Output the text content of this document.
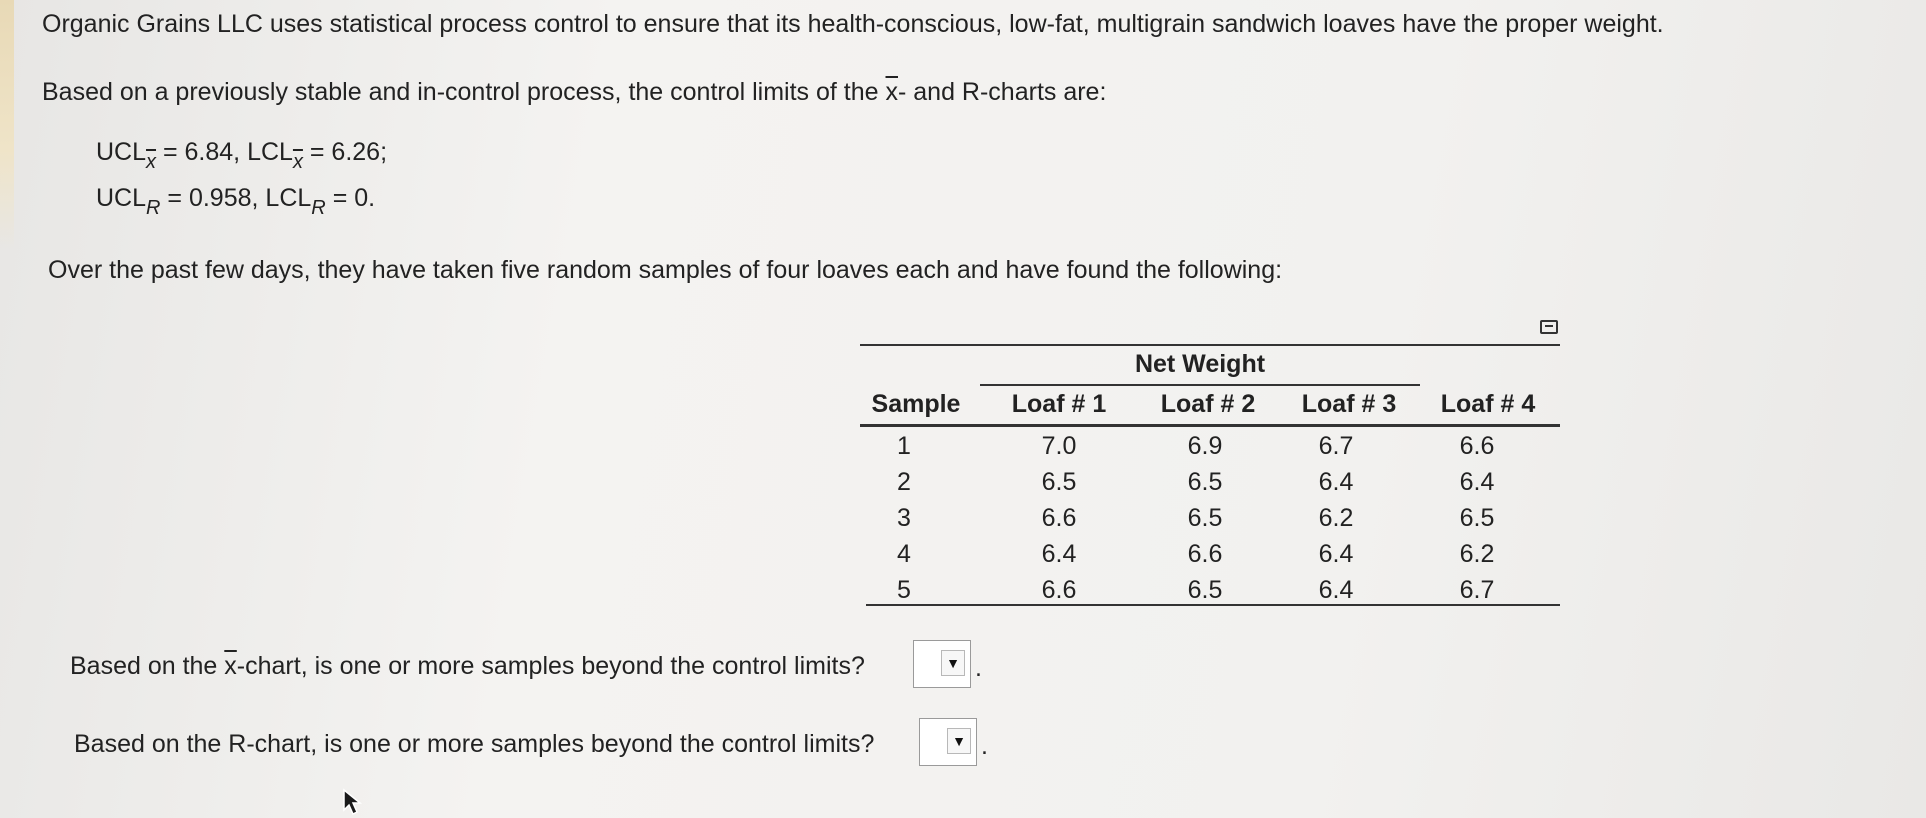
Organic Grains LLC uses statistical process control to ensure that its health-conscious, low-fat, multigrain sandwich loaves have the proper weight.
Based on a previously stable and in-control process, the control limits of the $\overline{x}-$ and R-charts are:
$UCL_{\overline{x}} = 6.84$, $LCL_{\overline{x}} = 6.26$;
$UCL_R = 0.958$, $LCL_R = 0$.
Over the past few days, they have taken five random samples of four loaves each and have found the following:
Net Weight
Sample	Loaf # 1	Loaf # 2	Loaf # 3	Loaf # 4
1	7.0	6.9	6.7	6.6
2	6.5	6.5	6.4	6.4
3	6.6	6.5	6.2	6.5
4	6.4	6.6	6.4	6.2
5	6.6	6.5	6.4	6.7
Based on the $\overline{x}$-chart, is one or more samples beyond the control limits?	▼ .
Based on the R-chart, is one or more samples beyond the control limits?	▼ .
